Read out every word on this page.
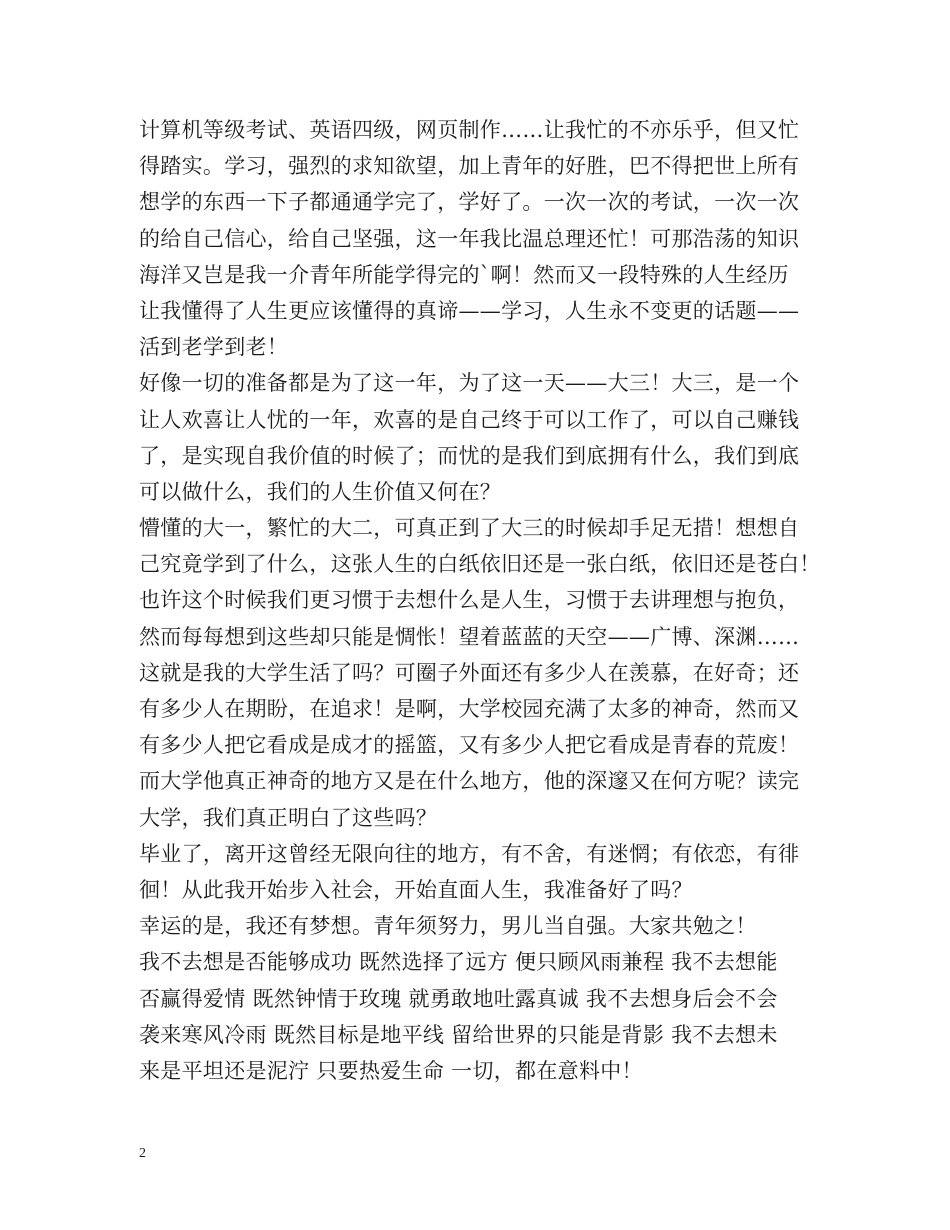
计算机等级考试、英语四级，网页制作……让我忙的不亦乐乎，但又忙
得踏实。学习，强烈的求知欲望，加上青年的好胜，巴不得把世上所有
想学的东西一下子都通通学完了，学好了。一次一次的考试，一次一次
的给自己信心，给自己坚强，这一年我比温总理还忙！可那浩荡的知识
海洋又岂是我一介青年所能学得完的`啊！然而又一段特殊的人生经历
让我懂得了人生更应该懂得的真谛——学习，人生永不变更的话题——
活到老学到老！
好像一切的准备都是为了这一年，为了这一天——大三！大三，是一个
让人欢喜让人忧的一年，欢喜的是自己终于可以工作了，可以自己赚钱
了，是实现自我价值的时候了；而忧的是我们到底拥有什么，我们到底
可以做什么，我们的人生价值又何在？
懵懂的大一，繁忙的大二，可真正到了大三的时候却手足无措！想想自
己究竟学到了什么，这张人生的白纸依旧还是一张白纸，依旧还是苍白！
也许这个时候我们更习惯于去想什么是人生，习惯于去讲理想与抱负，
然而每每想到这些却只能是惆怅！望着蓝蓝的天空——广博、深渊……
这就是我的大学生活了吗？可圈子外面还有多少人在羡慕，在好奇；还
有多少人在期盼，在追求！是啊，大学校园充满了太多的神奇，然而又
有多少人把它看成是成才的摇篮，又有多少人把它看成是青春的荒废！
而大学他真正神奇的地方又是在什么地方，他的深邃又在何方呢？读完
大学，我们真正明白了这些吗？
毕业了，离开这曾经无限向往的地方，有不舍，有迷惘；有依恋，有徘
徊！从此我开始步入社会，开始直面人生，我准备好了吗？
幸运的是，我还有梦想。青年须努力，男儿当自强。大家共勉之！
我不去想是否能够成功 既然选择了远方 便只顾风雨兼程 我不去想能
否赢得爱情 既然钟情于玫瑰 就勇敢地吐露真诚 我不去想身后会不会
袭来寒风冷雨 既然目标是地平线 留给世界的只能是背影 我不去想未
来是平坦还是泥泞 只要热爱生命 一切，都在意料中！
2
